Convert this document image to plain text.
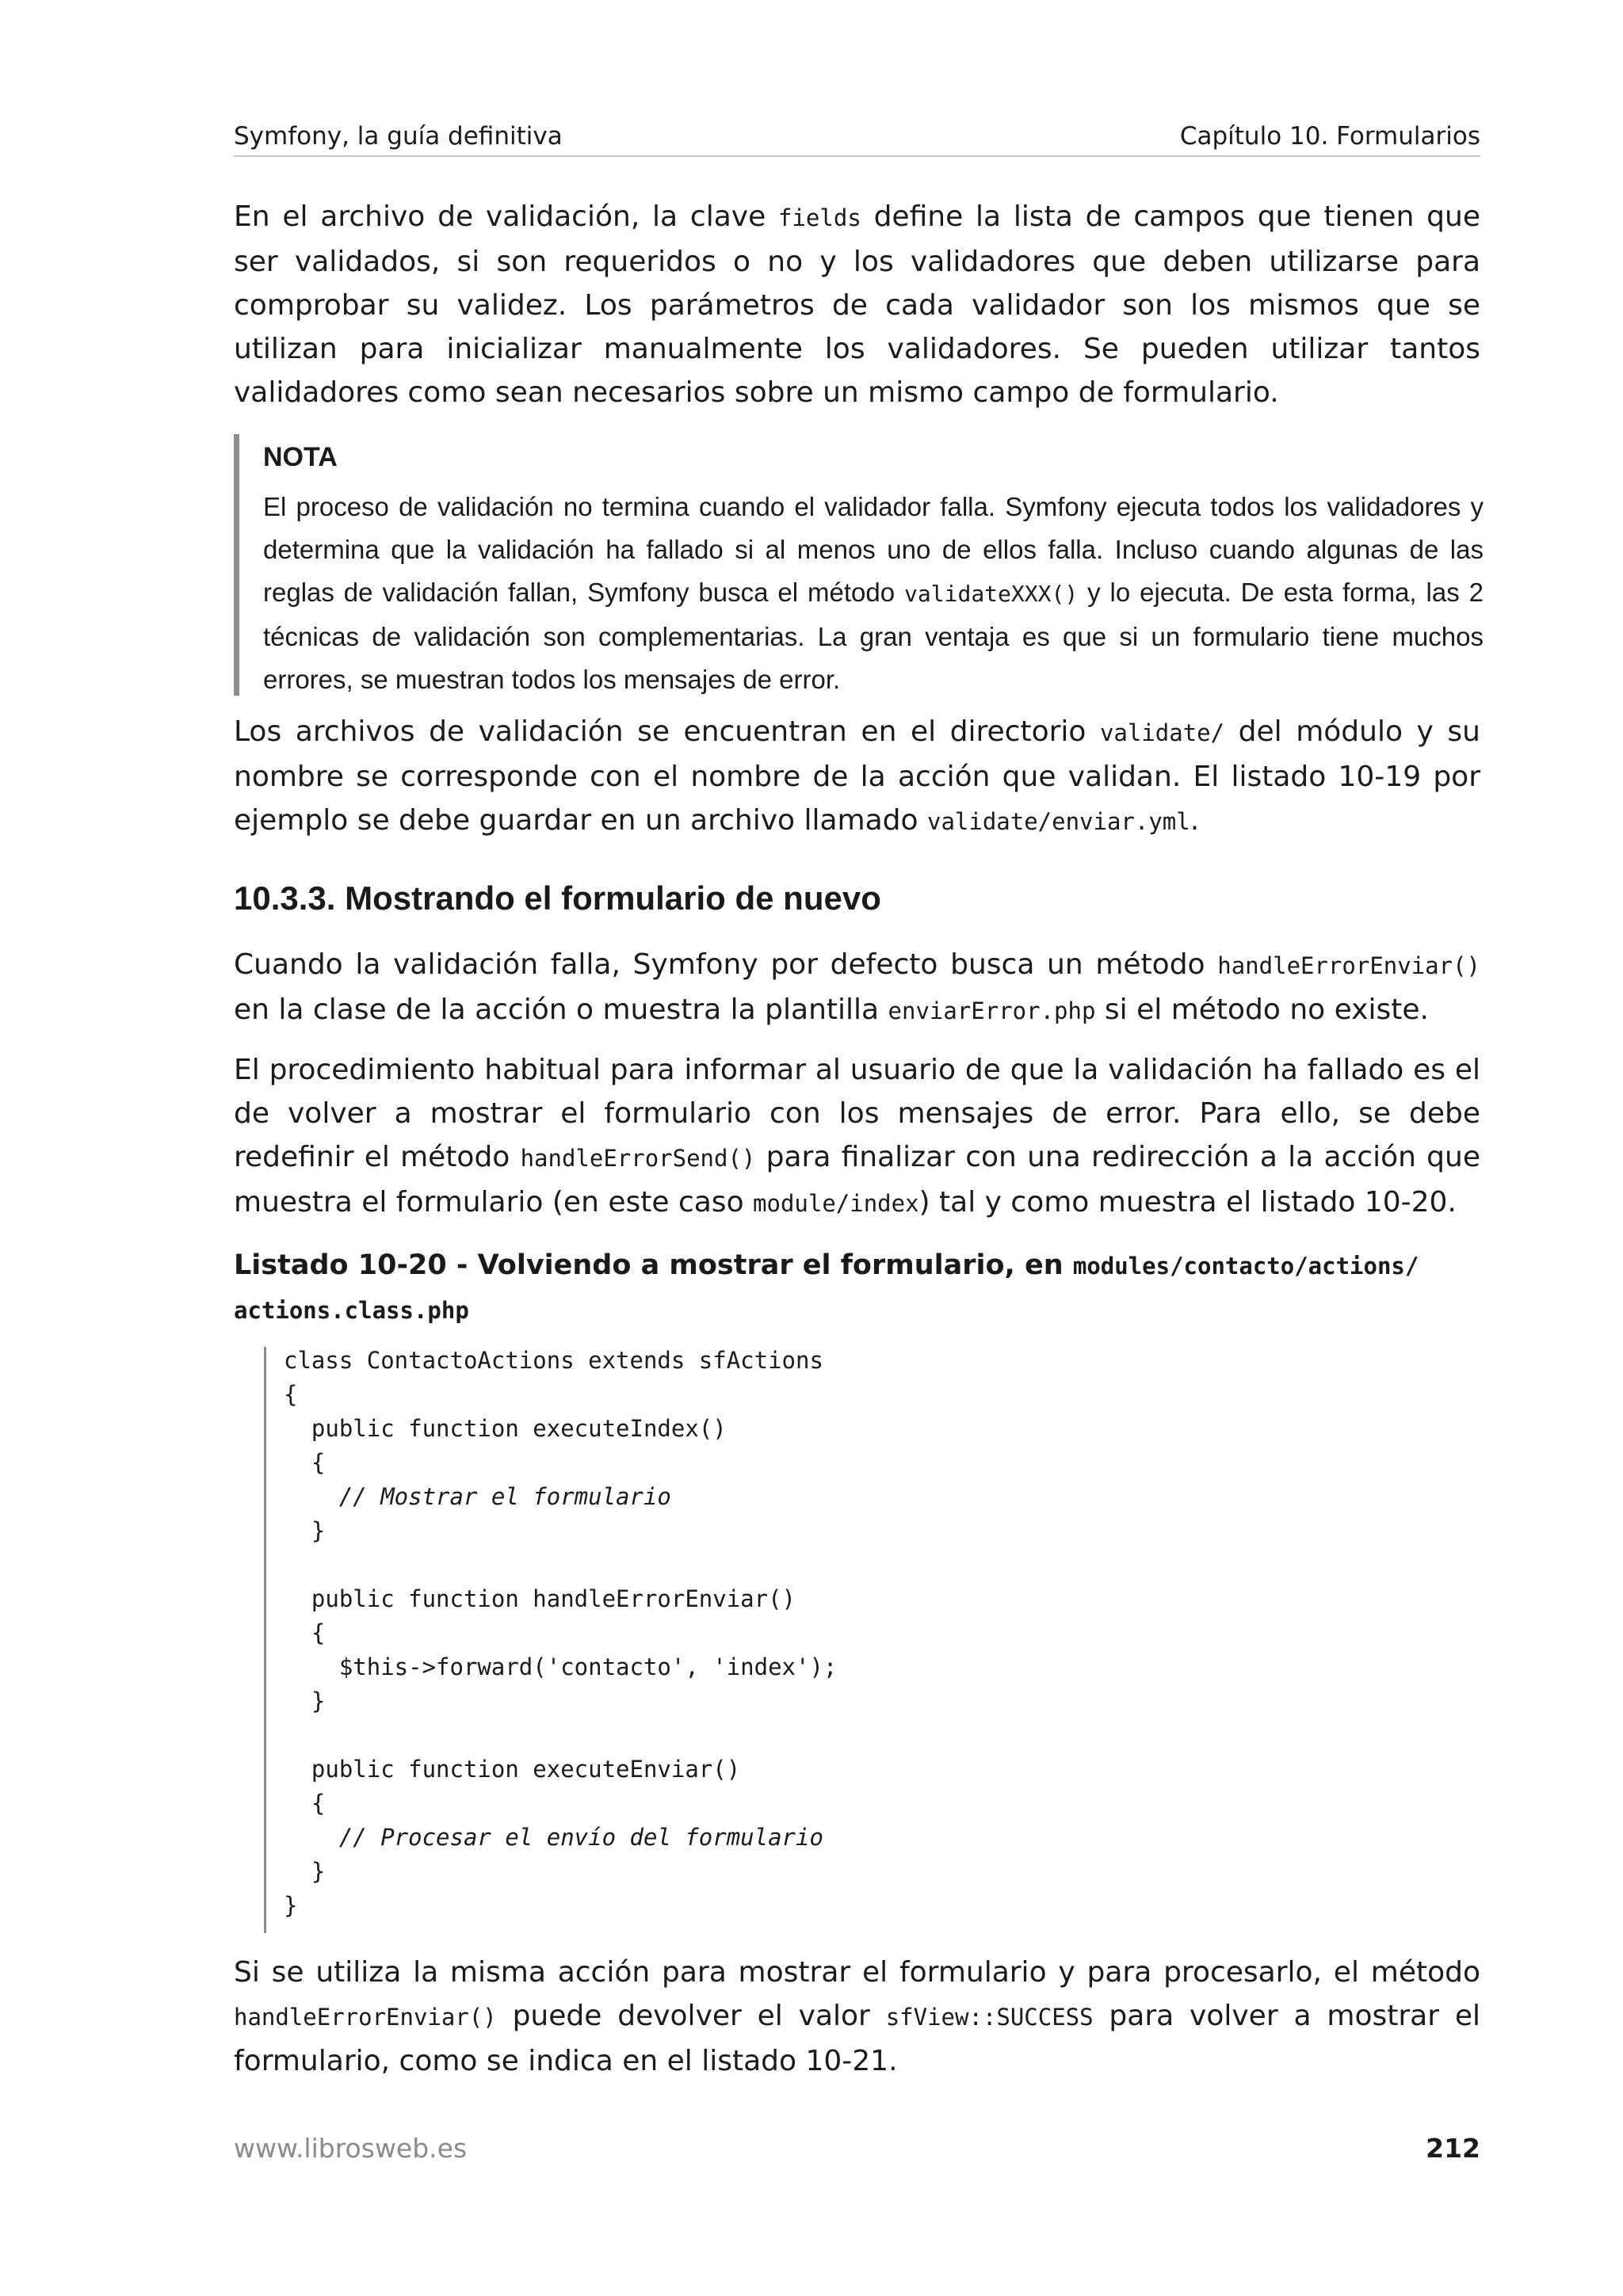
Symfony, la guía definitiva	Capítulo 10. Formularios
En el archivo de validación, la clave fields define la lista de campos que tienen que ser validados, si son requeridos o no y los validadores que deben utilizarse para comprobar su validez. Los parámetros de cada validador son los mismos que se utilizan para inicializar manualmente los validadores. Se pueden utilizar tantos validadores como sean necesarios sobre un mismo campo de formulario.
NOTA
El proceso de validación no termina cuando el validador falla. Symfony ejecuta todos los validadores y determina que la validación ha fallado si al menos uno de ellos falla. Incluso cuando algunas de las reglas de validación fallan, Symfony busca el método validateXXX() y lo ejecuta. De esta forma, las 2 técnicas de validación son complementarias. La gran ventaja es que si un formulario tiene muchos errores, se muestran todos los mensajes de error.
Los archivos de validación se encuentran en el directorio validate/ del módulo y su nombre se corresponde con el nombre de la acción que validan. El listado 10-19 por ejemplo se debe guardar en un archivo llamado validate/enviar.yml.
10.3.3. Mostrando el formulario de nuevo
Cuando la validación falla, Symfony por defecto busca un método handleErrorEnviar() en la clase de la acción o muestra la plantilla enviarError.php si el método no existe.
El procedimiento habitual para informar al usuario de que la validación ha fallado es el de volver a mostrar el formulario con los mensajes de error. Para ello, se debe redefinir el método handleErrorSend() para finalizar con una redirección a la acción que muestra el formulario (en este caso module/index) tal y como muestra el listado 10-20.
Listado 10-20 - Volviendo a mostrar el formulario, en modules/contacto/actions/ actions.class.php
class ContactoActions extends sfActions
{
public function executeIndex()
{
// Mostrar el formulario
}
public function handleErrorEnviar()
{
$this->forward('contacto', 'index');
}
public function executeEnviar()
{
// Procesar el envío del formulario
}
}
Si se utiliza la misma acción para mostrar el formulario y para procesarlo, el método handleErrorEnviar() puede devolver el valor sfView::SUCCESS para volver a mostrar el formulario, como se indica en el listado 10-21.
www.librosweb.es	212
